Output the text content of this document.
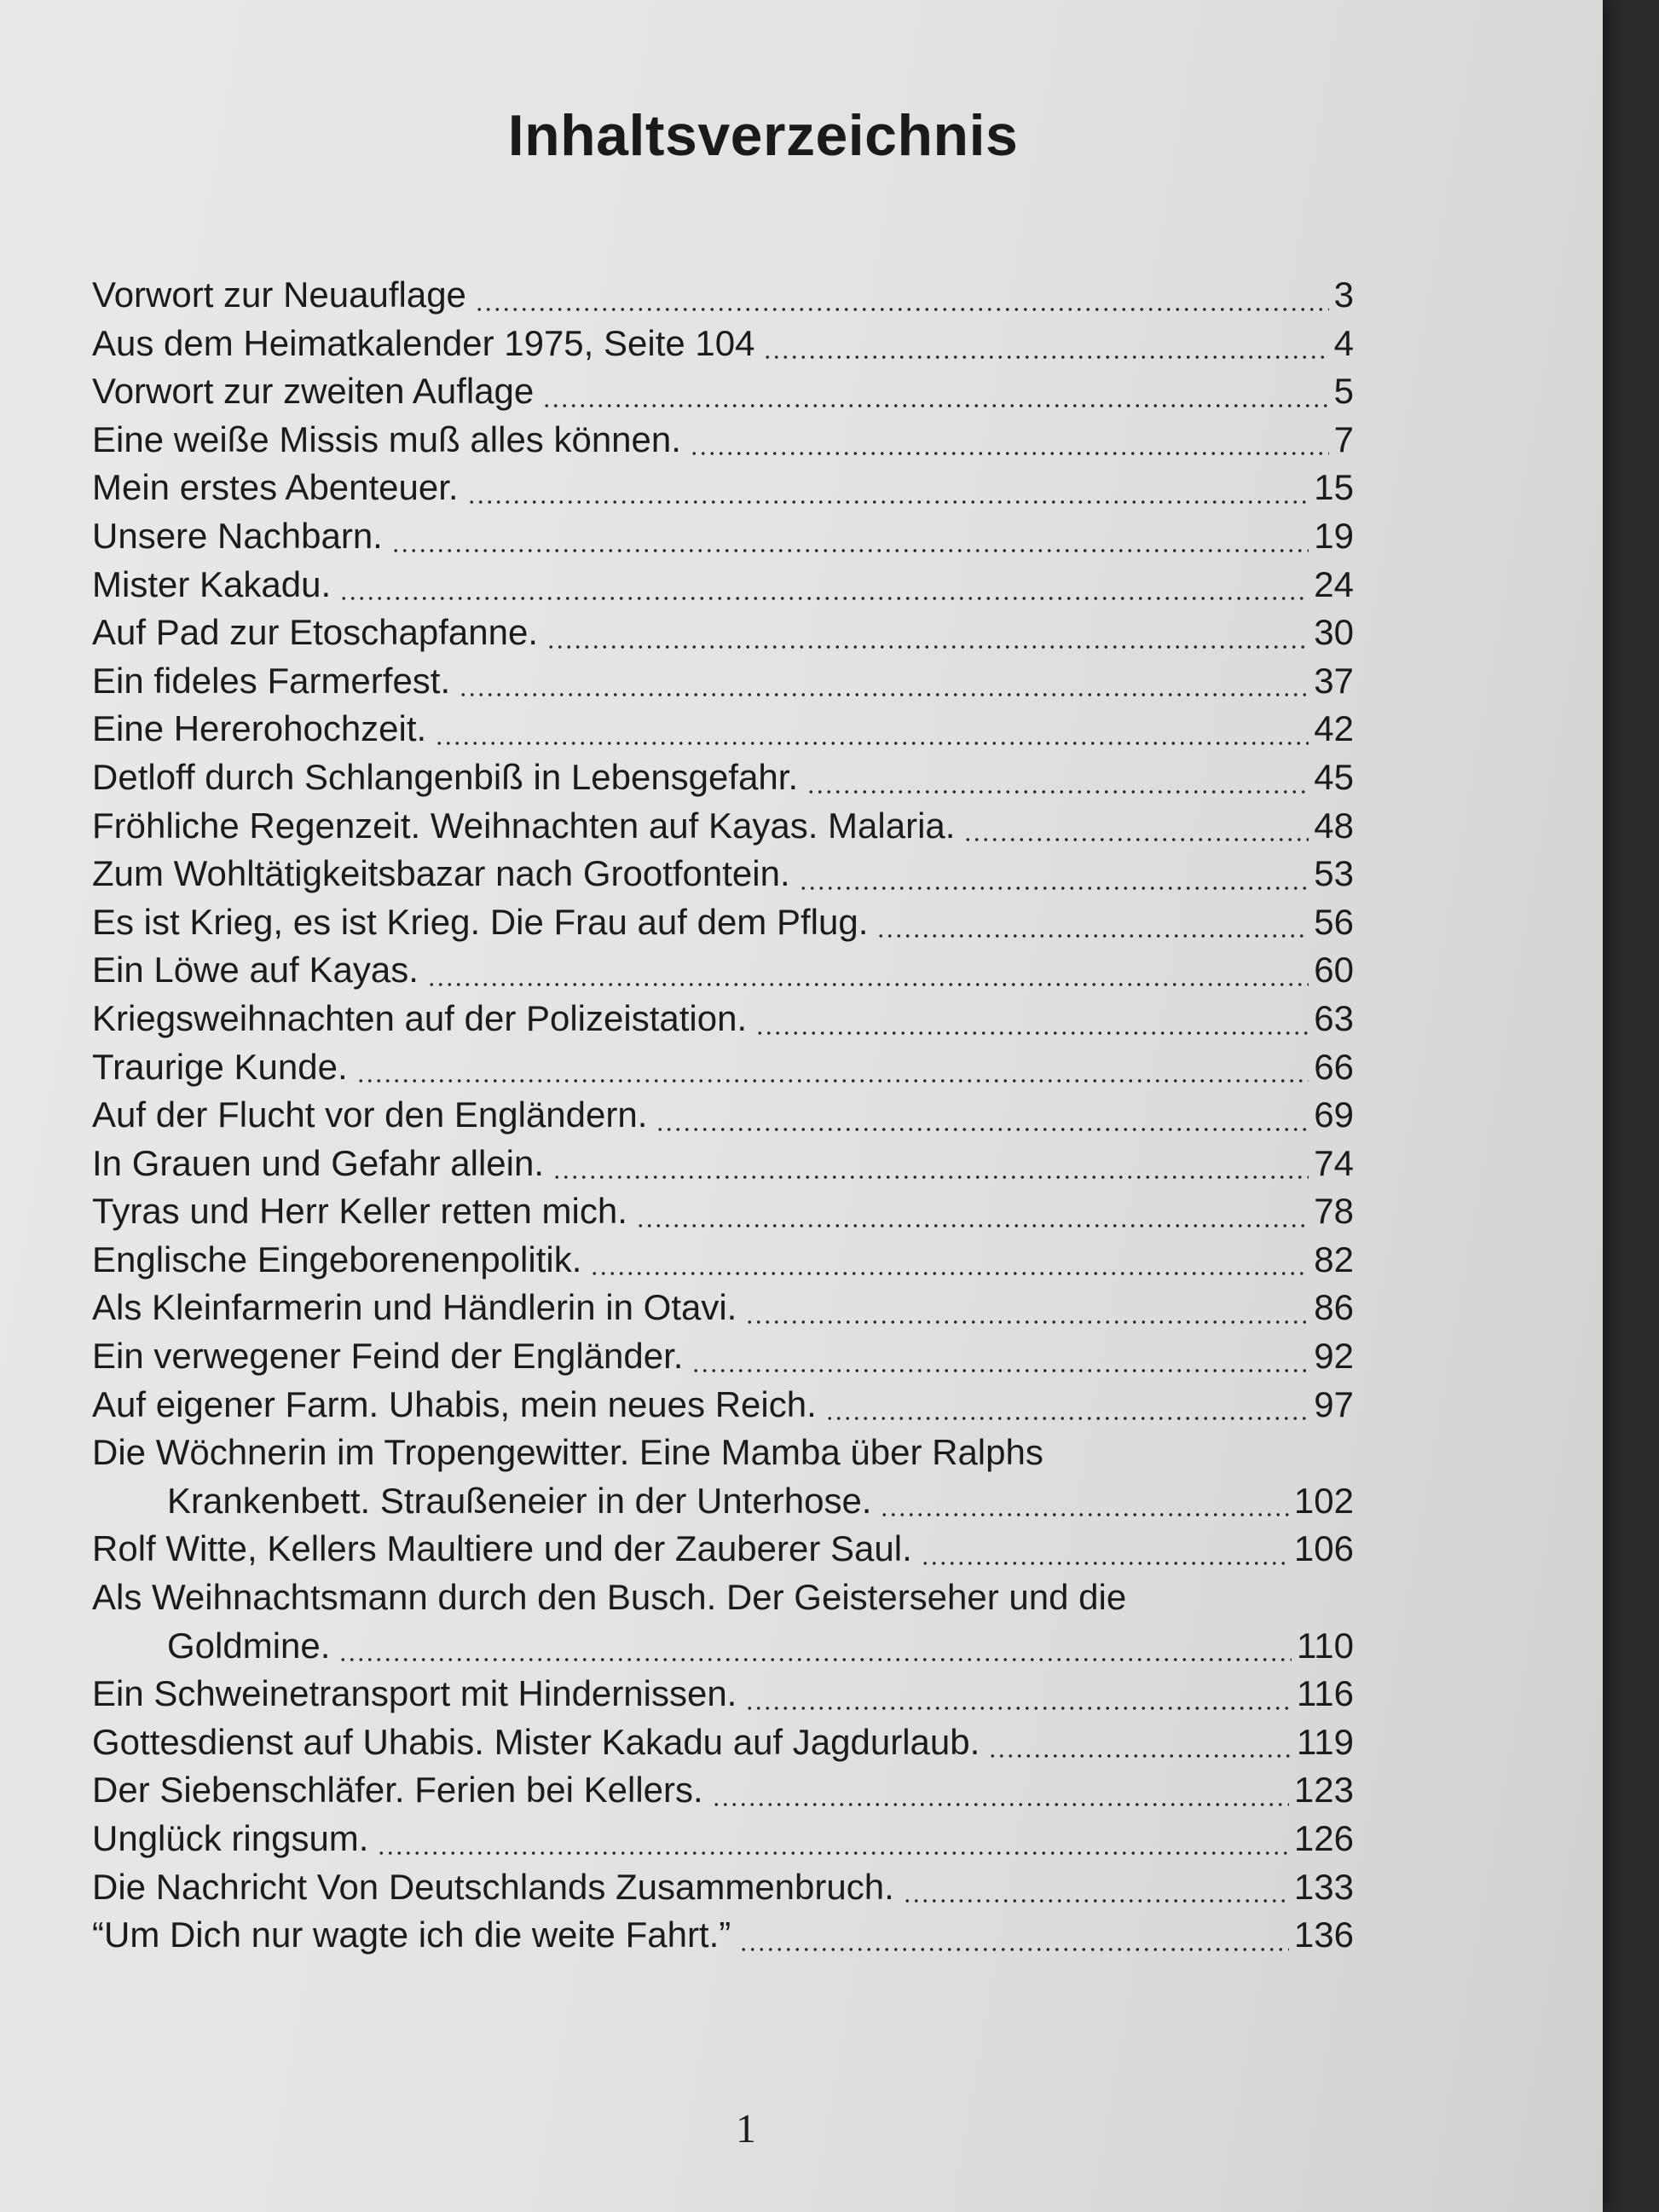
Inhaltsverzeichnis
Vorwort zur Neuauflage	3
Aus dem Heimatkalender 1975, Seite 104	4
Vorwort zur zweiten Auflage	5
Eine weiße Missis muß alles können.	7
Mein erstes Abenteuer.	15
Unsere Nachbarn.	19
Mister Kakadu.	24
Auf Pad zur Etoschapfanne.	30
Ein fideles Farmerfest.	37
Eine Hererohochzeit.	42
Detloff durch Schlangenbiß in Lebensgefahr.	45
Fröhliche Regenzeit. Weihnachten auf Kayas. Malaria.	48
Zum Wohltätigkeitsbazar nach Grootfontein.	53
Es ist Krieg, es ist Krieg. Die Frau auf dem Pflug.	56
Ein Löwe auf Kayas.	60
Kriegsweihnachten auf der Polizeistation.	63
Traurige Kunde.	66
Auf der Flucht vor den Engländern.	69
In Grauen und Gefahr allein.	74
Tyras und Herr Keller retten mich.	78
Englische Eingeborenenpolitik.	82
Als Kleinfarmerin und Händlerin in Otavi.	86
Ein verwegener Feind der Engländer.	92
Auf eigener Farm. Uhabis, mein neues Reich.	97
Die Wöchnerin im Tropengewitter. Eine Mamba über Ralphs
Krankenbett. Straußeneier in der Unterhose.	102
Rolf Witte, Kellers Maultiere und der Zauberer Saul.	106
Als Weihnachtsmann durch den Busch. Der Geisterseher und die
Goldmine.	110
Ein Schweinetransport mit Hindernissen.	116
Gottesdienst auf Uhabis. Mister Kakadu auf Jagdurlaub.	119
Der Siebenschläfer. Ferien bei Kellers.	123
Unglück ringsum.	126
Die Nachricht Von Deutschlands Zusammenbruch.	133
“Um Dich nur wagte ich die weite Fahrt.”	136
1
